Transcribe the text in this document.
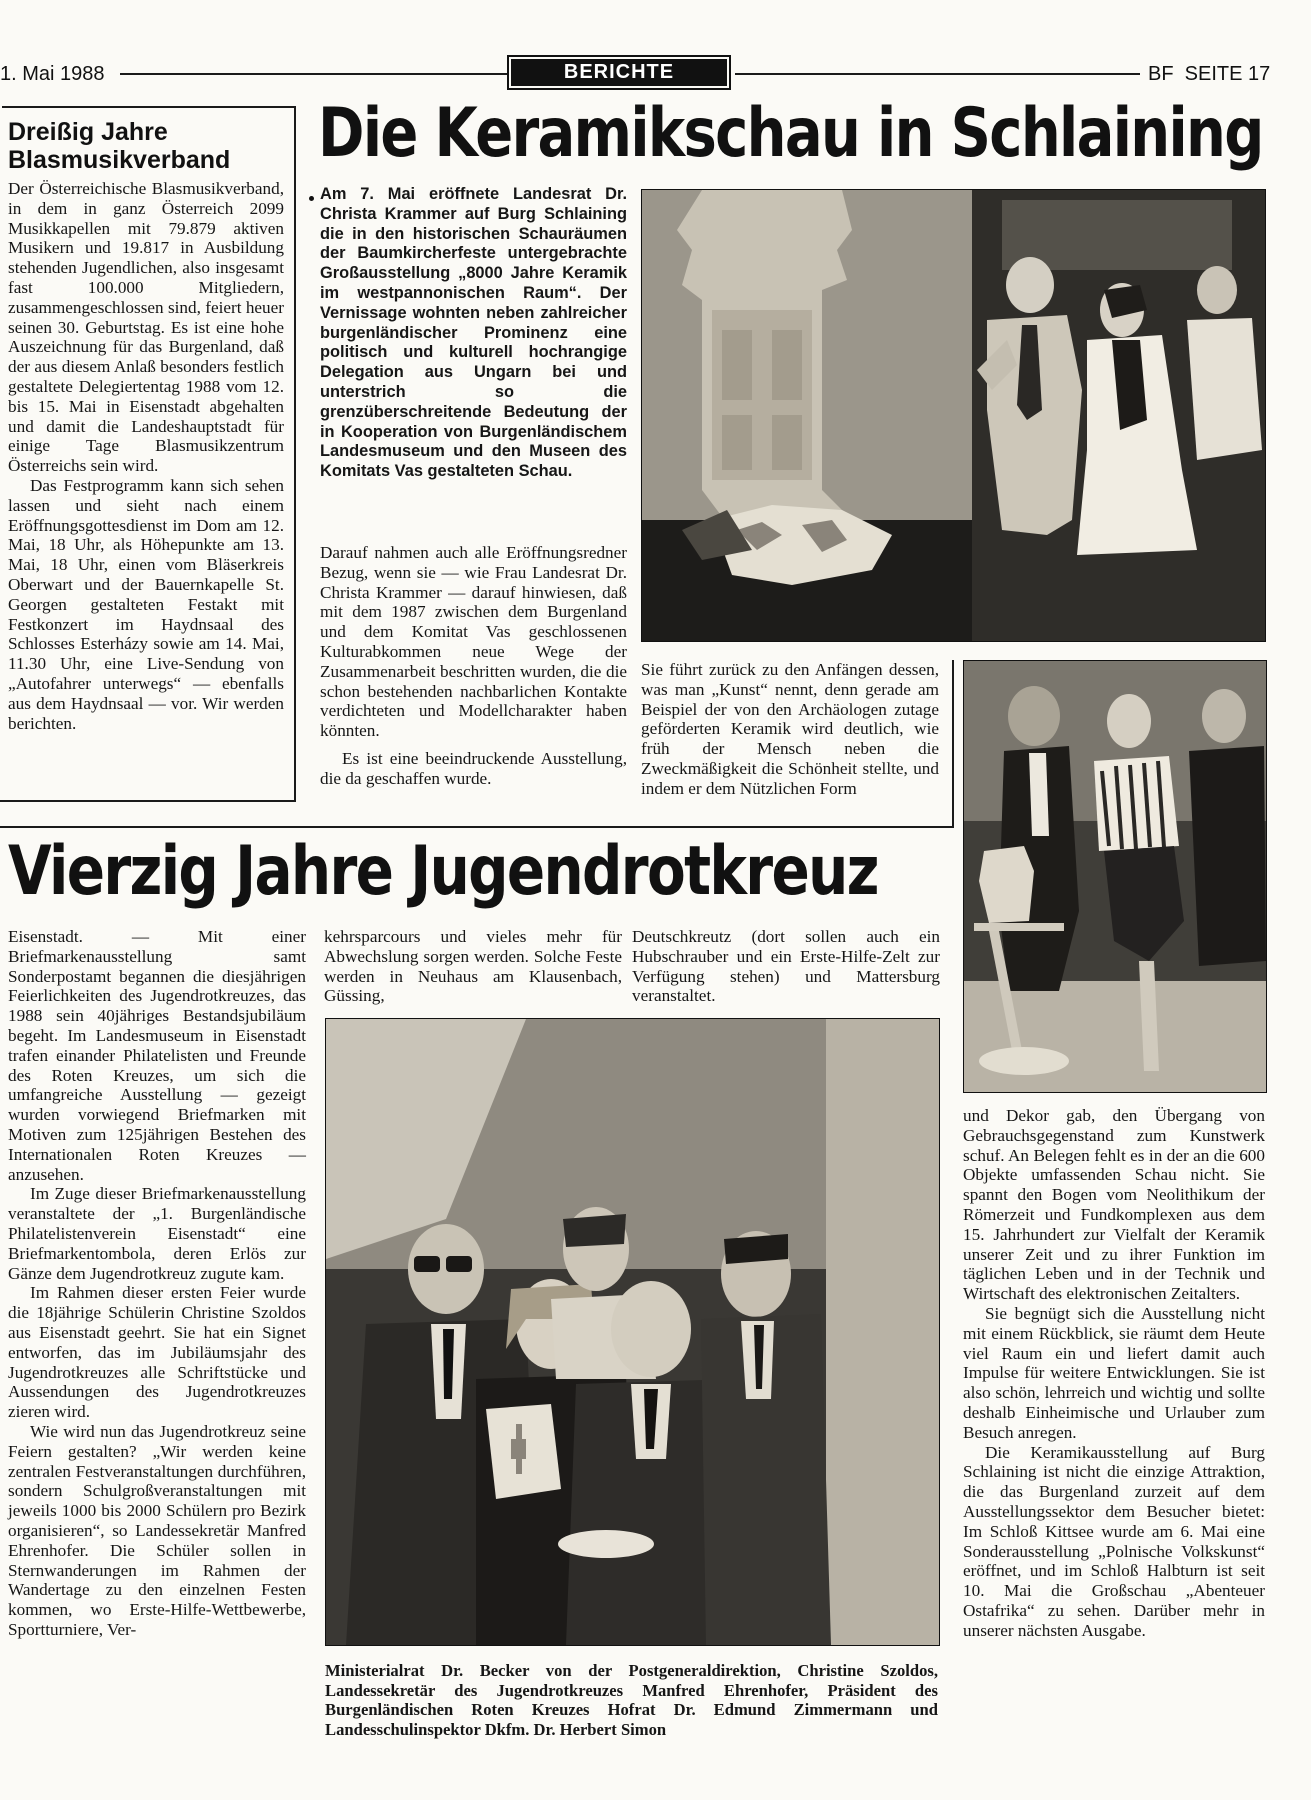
1. Mai 1988	BERICHTE	BF  SEITE 17
Dreißig Jahre Blasmusikverband

Der Österreichische Blasmusikverband, in dem in ganz Österreich 2099 Musikkapellen mit 79.879 aktiven Musikern und 19.817 in Ausbildung stehenden Jugendlichen, also insgesamt fast 100.000 Mitgliedern, zusammengeschlossen sind, feiert heuer seinen 30. Geburtstag. Es ist eine hohe Auszeichnung für das Burgenland, daß der aus diesem Anlaß besonders festlich gestaltete Delegiertentag 1988 vom 12. bis 15. Mai in Eisenstadt abgehalten und damit die Landeshauptstadt für einige Tage Blasmusikzentrum Österreichs sein wird.

Das Festprogramm kann sich sehen lassen und sieht nach einem Eröffnungsgottesdienst im Dom am 12. Mai, 18 Uhr, als Höhepunkte am 13. Mai, 18 Uhr, einen vom Bläserkreis Oberwart und der Bauernkapelle St. Georgen gestalteten Festakt mit Festkonzert im Haydnsaal des Schlosses Esterházy sowie am 14. Mai, 11.30 Uhr, eine Live-Sendung von „Autofahrer unterwegs“ — ebenfalls aus dem Haydnsaal — vor. Wir werden berichten.

Die Keramikschau in Schlaining
Am 7. Mai eröffnete Landesrat Dr. Christa Krammer auf Burg Schlaining die in den historischen Schauräumen der Baumkircherfeste untergebrachte Großausstellung „8000 Jahre Keramik im westpannonischen Raum“. Der Vernissage wohnten neben zahlreicher burgenländischer Prominenz eine politisch und kulturell hochrangige Delegation aus Ungarn bei und unterstrich so die grenzüberschreitende Bedeutung der in Kooperation von Burgenländischem Landesmuseum und den Museen des Komitats Vas gestalteten Schau.

Darauf nahmen auch alle Eröffnungsredner Bezug, wenn sie — wie Frau Landesrat Dr. Christa Krammer — darauf hinwiesen, daß mit dem 1987 zwischen dem Burgenland und dem Komitat Vas geschlossenen Kulturabkommen neue Wege der Zusammenarbeit beschritten wurden, die die schon bestehenden nachbarlichen Kontakte verdichteten und Modellcharakter haben könnten.

Es ist eine beeindruckende Ausstellung, die da geschaffen wurde.

Sie führt zurück zu den Anfängen dessen, was man „Kunst“ nennt, denn gerade am Beispiel der von den Archäologen zutage geförderten Keramik wird deutlich, wie früh der Mensch neben die Zweckmäßigkeit die Schönheit stellte, und indem er dem Nützlichen Form
Vierzig Jahre Jugendrotkreuz

Eisenstadt. — Mit einer Briefmarkenausstellung samt Sonderpostamt begannen die diesjährigen Feierlichkeiten des Jugendrotkreuzes, das 1988 sein 40jähriges Bestandsjubiläum begeht. Im Landesmuseum in Eisenstadt trafen einander Philatelisten und Freunde des Roten Kreuzes, um sich die umfangreiche Ausstellung — gezeigt wurden vorwiegend Briefmarken mit Motiven zum 125jährigen Bestehen des Internationalen Roten Kreuzes — anzusehen.

Im Zuge dieser Briefmarkenausstellung veranstaltete der „1. Burgenländische Philatelistenverein Eisenstadt“ eine Briefmarkentombola, deren Erlös zur Gänze dem Jugendrotkreuz zugute kam.

Im Rahmen dieser ersten Feier wurde die 18jährige Schülerin Christine Szoldos aus Eisenstadt geehrt. Sie hat ein Signet entworfen, das im Jubiläumsjahr des Jugendrotkreuzes alle Schriftstücke und Aussendungen des Jugendrotkreuzes zieren wird.

Wie wird nun das Jugendrotkreuz seine Feiern gestalten? „Wir werden keine zentralen Festveranstaltungen durchführen, sondern Schulgroßveranstaltungen mit jeweils 1000 bis 2000 Schülern pro Bezirk organisieren“, so Landessekretär Manfred Ehrenhofer. Die Schüler sollen in Sternwanderungen im Rahmen der Wandertage zu den einzelnen Festen kommen, wo Erste-Hilfe-Wettbewerbe, Sportturniere, Ver-

kehrsparcours und vieles mehr für Abwechslung sorgen werden. Solche Feste werden in Neuhaus am Klausenbach, Güssing,
Deutschkreutz (dort sollen auch ein Hubschrauber und ein Erste-Hilfe-Zelt zur Verfügung stehen) und Mattersburg veranstaltet.
Ministerialrat Dr. Becker von der Postgeneraldirektion, Christine Szoldos, Landessekretär des Jugendrotkreuzes Manfred Ehrenhofer, Präsident des Burgenländischen Roten Kreuzes Hofrat Dr. Edmund Zimmermann und Landesschulinspektor Dkfm. Dr. Herbert Simon

und Dekor gab, den Übergang von Gebrauchsgegenstand zum Kunstwerk schuf. An Belegen fehlt es in der an die 600 Objekte umfassenden Schau nicht. Sie spannt den Bogen vom Neolithikum der Römerzeit und Fundkomplexen aus dem 15. Jahrhundert zur Vielfalt der Keramik unserer Zeit und zu ihrer Funktion im täglichen Leben und in der Technik und Wirtschaft des elektronischen Zeitalters.

Sie begnügt sich die Ausstellung nicht mit einem Rückblick, sie räumt dem Heute viel Raum ein und liefert damit auch Impulse für weitere Entwicklungen. Sie ist also schön, lehrreich und wichtig und sollte deshalb Einheimische und Urlauber zum Besuch anregen.

Die Keramikausstellung auf Burg Schlaining ist nicht die einzige Attraktion, die das Burgenland zurzeit auf dem Ausstellungssektor dem Besucher bietet: Im Schloß Kittsee wurde am 6. Mai eine Sonderausstellung „Polnische Volkskunst“ eröffnet, und im Schloß Halbturn ist seit 10. Mai die Großschau „Abenteuer Ostafrika“ zu sehen. Darüber mehr in unserer nächsten Ausgabe.
